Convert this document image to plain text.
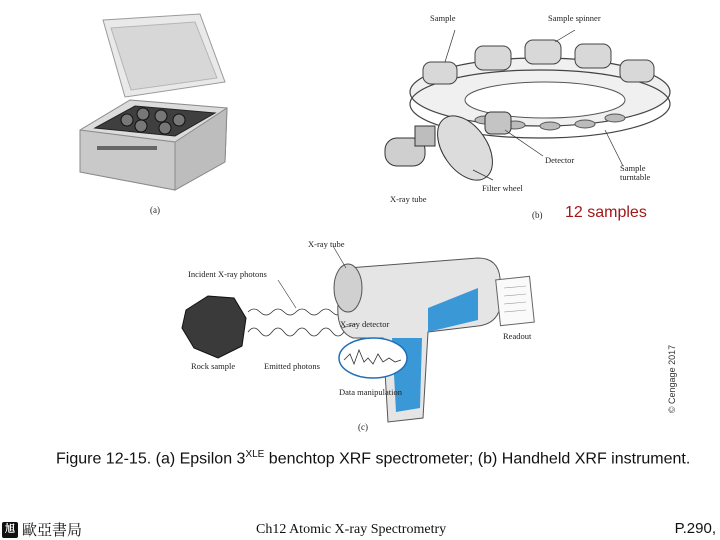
(a)
Sample	Sample spinner
Detector
Sample turntable
Filter wheel
X-ray tube
(b) 12 samples
X-ray tube
Incident X-ray photons
X-ray detector
Readout
Rock sample	Emitted photons
Data manipulation
(c)
© Cengage 2017
Figure 12-15. (a) Epsilon $3^{XLE}$ benchtop XRF spectrometer; (b) Handheld XRF instrument.
旭 歐亞書局	Ch12 Atomic X-ray Spectrometry	P.290,
